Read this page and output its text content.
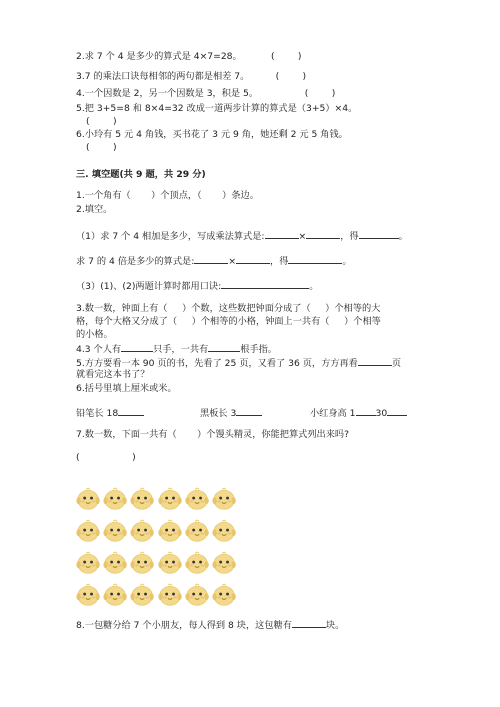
2.求 7 个 4 是多少的算式是 4×7=28。	(        )
3.7 的乘法口诀每相邻的两句都是相差 7。	(        )
4.一个因数是 2，另一个因数是 3，积是 5。	(        )
5.把 3+5=8 和 8×4=32 改成一道两步计算的算式是（3+5）×4。
(        )
6.小玲有 5 元 4 角钱，买书花了 3 元 9 角，她还剩 2 元 5 角钱。
(        )
三. 填空题(共 9 题，共 29 分)
1.一个角有（ ）个顶点，（ ）条边。
2.填空。
（1）求 7 个 4 相加是多少，写成乘法算式是:	×	，得	。
求 7 的 4 倍是多少的算式是:	×	，得	。
（3）(1)、(2)两题计算时都用口诀:	。
3.数一数，钟面上有（ ）个数，这些数把钟面分成了（ ）个相等的大
格，每个大格又分成了（ ）个相等的小格，钟面上一共有（ ）个相等
的小格。
4.3 个人有	只手，一共有	根手指。
5.方方要看一本 90 页的书，先看了 25 页，又看了 36 页，方方再看	页
就看完这本书了？
6.括号里填上厘米或米。
铅笔长 18	黑板长 3	小红身高 1 30
7.数一数，下面一共有（ ）个馒头精灵，你能把算式列出来吗?
(                  )
8.一包糖分给 7 个小朋友，每人得到 8 块，这包糖有	块。
